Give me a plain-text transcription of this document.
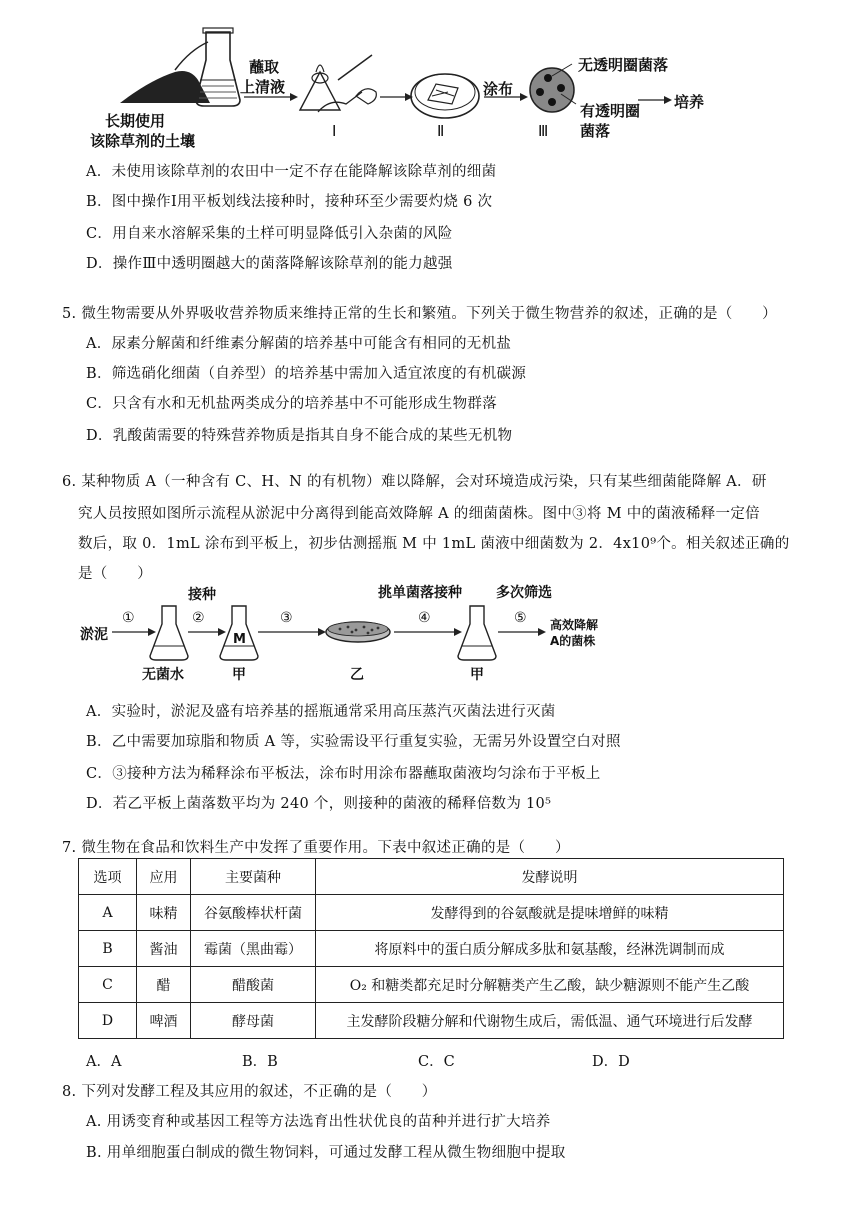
长期使用
该除草剂的土壤
蘸取
上清液
Ⅰ	Ⅱ	Ⅲ
涂布
无透明圈菌落
有透明圈
菌落
培养
A．未使用该除草剂的农田中一定不存在能降解该除草剂的细菌
B．图中操作Ⅰ用平板划线法接种时，接种环至少需要灼烧 6 次
C．用自来水溶解采集的土样可明显降低引入杂菌的风险
D．操作Ⅲ中透明圈越大的菌落降解该除草剂的能力越强
5. 微生物需要从外界吸收营养物质来维持正常的生长和繁殖。下列关于微生物营养的叙述，正确的是（　　）
A．尿素分解菌和纤维素分解菌的培养基中可能含有相同的无机盐
B．筛选硝化细菌（自养型）的培养基中需加入适宜浓度的有机碳源
C．只含有水和无机盐两类成分的培养基中不可能形成生物群落
D．乳酸菌需要的特殊营养物质是指其自身不能合成的某些无机物
6. 某种物质 A（一种含有 C、H、N 的有机物）难以降解，会对环境造成污染，只有某些细菌能降解 A．研
究人员按照如图所示流程从淤泥中分离得到能高效降解 A 的细菌菌株。图中③将 M 中的菌液稀释一定倍
数后，取 0．1mL 涂布到平板上，初步估测摇瓶 M 中 1mL 菌液中细菌数为 2．4x10⁹个。相关叙述正确的
是（　　）
淤泥
①	②	③	④	⑤
接种	挑单菌落接种 多次筛选
无菌水	甲
M
乙	甲
高效降解
A的菌株
A．实验时，淤泥及盛有培养基的摇瓶通常采用高压蒸汽灭菌法进行灭菌
B．乙中需要加琼脂和物质 A 等，实验需设平行重复实验，无需另外设置空白对照
C．③接种方法为稀释涂布平板法，涂布时用涂布器蘸取菌液均匀涂布于平板上
D．若乙平板上菌落数平均为 240 个，则接种的菌液的稀释倍数为 10⁵
7. 微生物在食品和饮料生产中发挥了重要作用。下表中叙述正确的是（　　）
选项	应用	主要菌种	发酵说明
A	味精	谷氨酸棒状杆菌	发酵得到的谷氨酸就是提味增鲜的味精
B	酱油	霉菌（黑曲霉）	将原料中的蛋白质分解成多肽和氨基酸，经淋洗调制而成
C	醋	醋酸菌	O₂ 和糖类都充足时分解糖类产生乙酸，缺少糖源则不能产生乙酸
D	啤酒	酵母菌	主发酵阶段糖分解和代谢物生成后，需低温、通气环境进行后发酵
A．A	B．B	C．C	D．D
8. 下列对发酵工程及其应用的叙述，不正确的是（　　）
A. 用诱变育种或基因工程等方法选育出性状优良的苗种并进行扩大培养
B. 用单细胞蛋白制成的微生物饲料，可通过发酵工程从微生物细胞中提取
